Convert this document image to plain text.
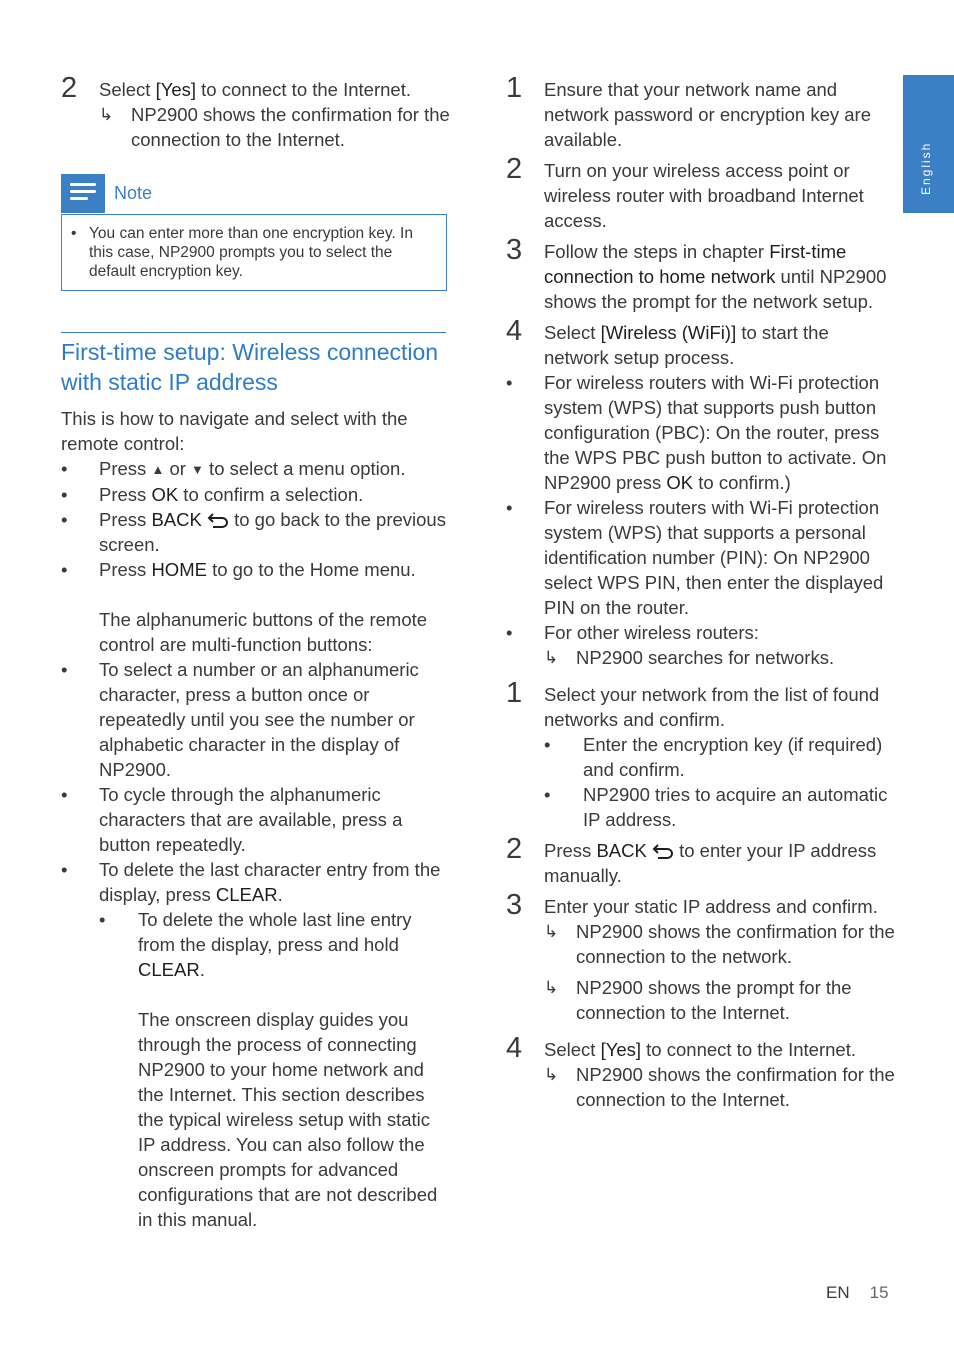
English
2 Select [Yes] to connect to the Internet.
↳ NP2900 shows the confirmation for the connection to the Internet.
Note
• You can enter more than one encryption key. In this case, NP2900 prompts you to select the default encryption key.
First-time setup: Wireless connection with static IP address
This is how to navigate and select with the remote control:
• Press ▲ or ▼ to select a menu option.
• Press OK to confirm a selection.
• Press BACK  to go back to the previous screen.
• Press HOME to go to the Home menu.
The alphanumeric buttons of the remote control are multi-function buttons:
• To select a number or an alphanumeric character, press a button once or repeatedly until you see the number or alphabetic character in the display of NP2900.
• To cycle through the alphanumeric characters that are available, press a button repeatedly.
• To delete the last character entry from the display, press CLEAR.
• To delete the whole last line entry from the display, press and hold CLEAR.
The onscreen display guides you through the process of connecting NP2900 to your home network and the Internet. This section describes the typical wireless setup with static IP address. You can also follow the onscreen prompts for advanced configurations that are not described in this manual.
1 Ensure that your network name and network password or encryption key are available.
2 Turn on your wireless access point or wireless router with broadband Internet access.
3 Follow the steps in chapter First-time connection to home network until NP2900 shows the prompt for the network setup.
4 Select [Wireless (WiFi)] to start the network setup process.
• For wireless routers with Wi-Fi protection system (WPS) that supports push button configuration (PBC): On the router, press the WPS PBC push button to activate. On NP2900 press OK to confirm.)
• For wireless routers with Wi-Fi protection system (WPS) that supports a personal identification number (PIN): On NP2900 select WPS PIN, then enter the displayed PIN on the router.
• For other wireless routers:
↳ NP2900 searches for networks.
1 Select your network from the list of found networks and confirm.
• Enter the encryption key (if required) and confirm.
• NP2900 tries to acquire an automatic IP address.
2 Press BACK  to enter your IP address manually.
3 Enter your static IP address and confirm.
↳ NP2900 shows the confirmation for the connection to the network.
↳ NP2900 shows the prompt for the connection to the Internet.
4 Select [Yes] to connect to the Internet.
↳ NP2900 shows the confirmation for the connection to the Internet.
EN 15
